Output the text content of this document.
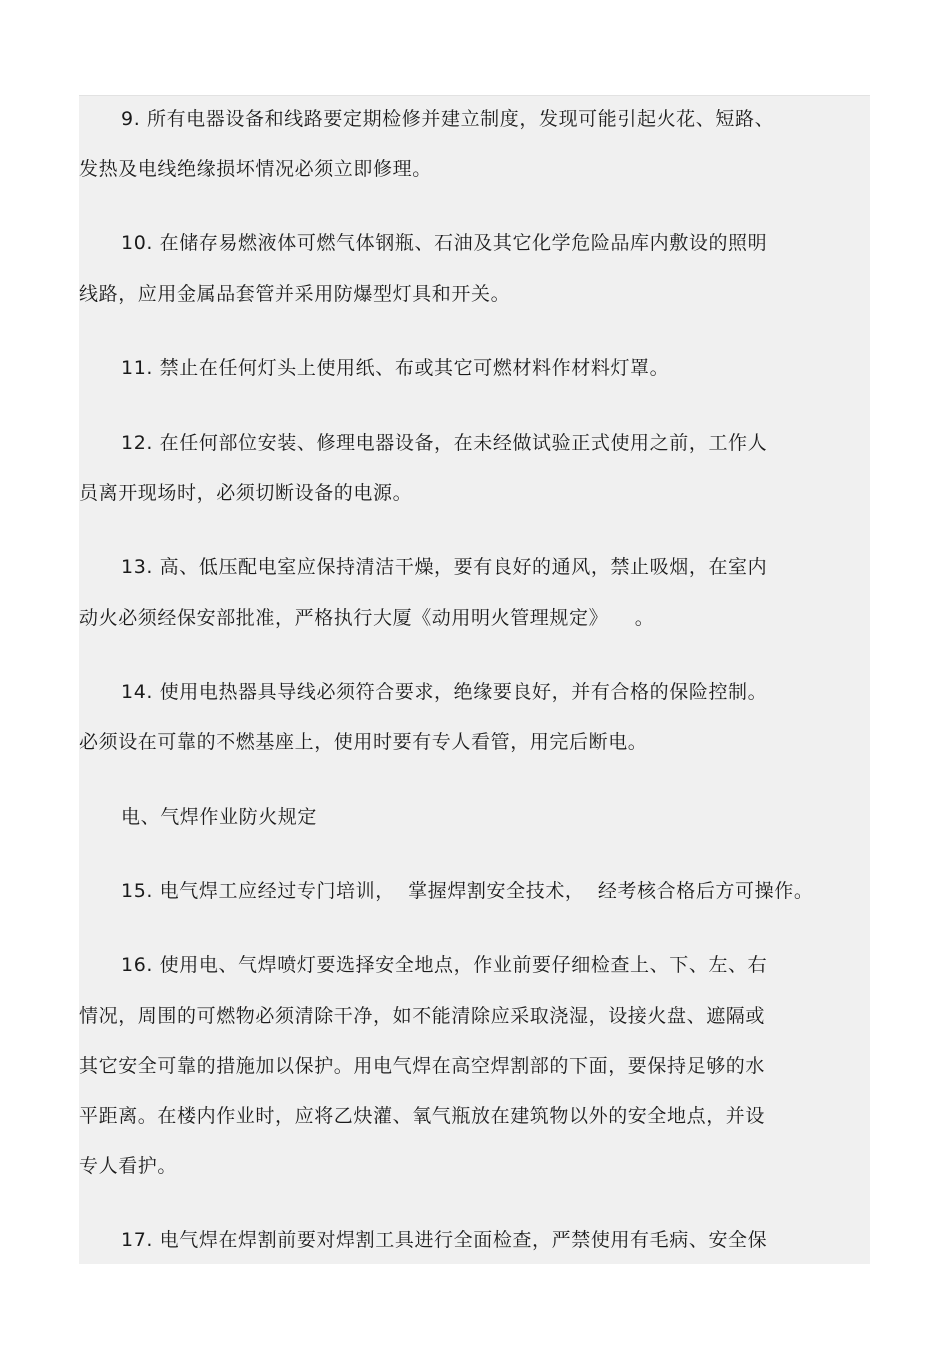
9. 所有电器设备和线路要定期检修并建立制度，发现可能引起火花、短路、
发热及电线绝缘损坏情况必须立即修理。
10. 在储存易燃液体可燃气体钢瓶、石油及其它化学危险品库内敷设的照明
线路，应用金属品套管并采用防爆型灯具和开关。
11. 禁止在任何灯头上使用纸、布或其它可燃材料作材料灯罩。
12. 在任何部位安装、修理电器设备，在未经做试验正式使用之前，工作人
员离开现场时，必须切断设备的电源。
13. 高、低压配电室应保持清洁干燥，要有良好的通风，禁止吸烟，在室内
动火必须经保安部批准，严格执行大厦《动用明火管理规定》    。
14. 使用电热器具导线必须符合要求，绝缘要良好，并有合格的保险控制。
必须设在可靠的不燃基座上，使用时要有专人看管，用完后断电。
电、气焊作业防火规定
15. 电气焊工应经过专门培训，  掌握焊割安全技术，  经考核合格后方可操作。
16. 使用电、气焊喷灯要选择安全地点，作业前要仔细检查上、下、左、右
情况，周围的可燃物必须清除干净，如不能清除应采取浇湿，设接火盘、遮隔或
其它安全可靠的措施加以保护。用电气焊在高空焊割部的下面，要保持足够的水
平距离。在楼内作业时，应将乙炔灌、氧气瓶放在建筑物以外的安全地点，并设
专人看护。
17. 电气焊在焊割前要对焊割工具进行全面检查，严禁使用有毛病、安全保
